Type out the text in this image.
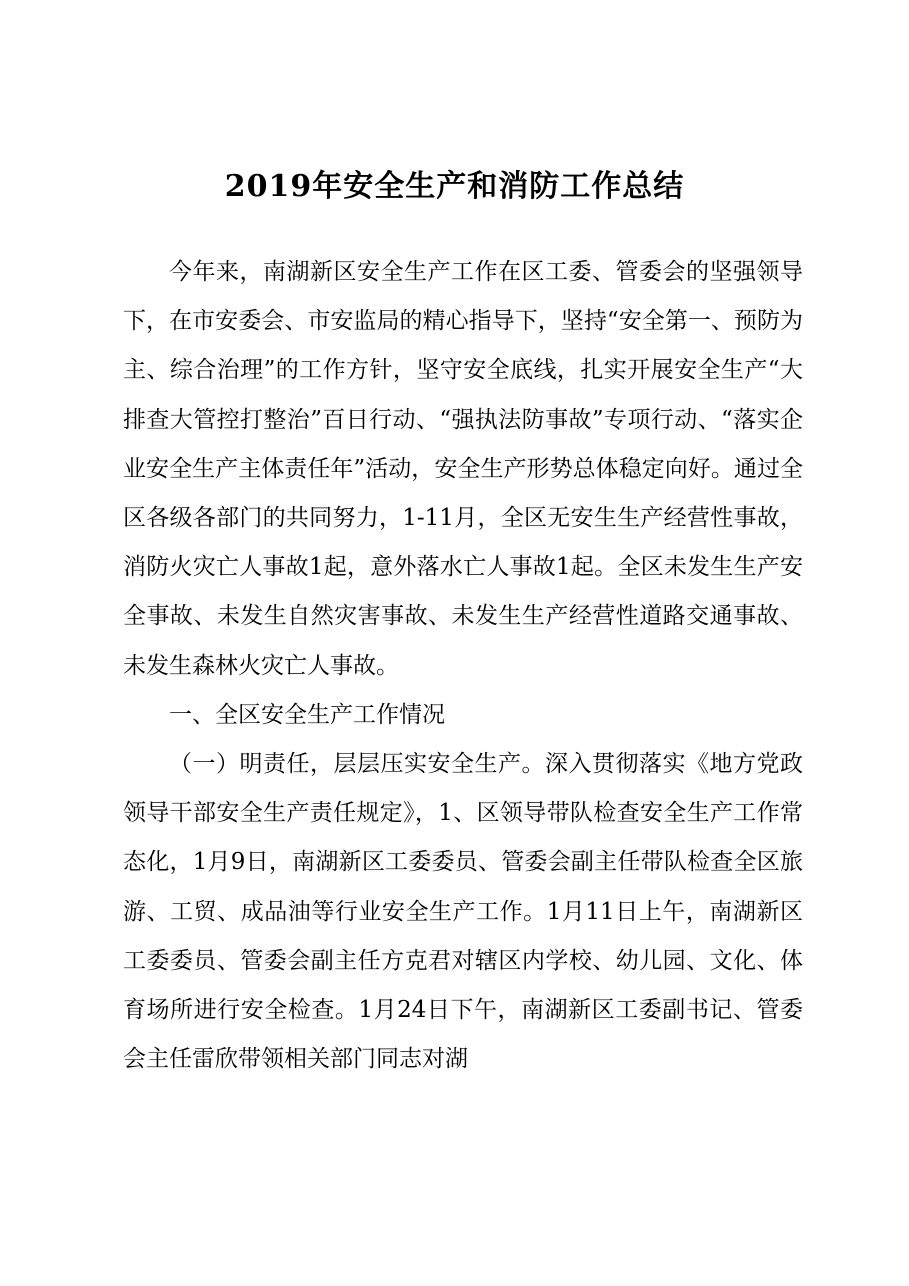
2019年安全生产和消防工作总结

今年来，南湖新区安全生产工作在区工委、管委会的坚强领导下，在市安委会、市安监局的精心指导下，坚持“安全第一、预防为主、综合治理”的工作方针，坚守安全底线，扎实开展安全生产“大排查大管控打整治”百日行动、“强执法防事故”专项行动、“落实企业安全生产主体责任年”活动，安全生产形势总体稳定向好。通过全区各级各部门的共同努力，1-11月，全区无安生生产经营性事故，消防火灾亡人事故1起，意外落水亡人事故1起。全区未发生生产安全事故、未发生自然灾害事故、未发生生产经营性道路交通事故、未发生森林火灾亡人事故。

一、全区安全生产工作情况

（一）明责任，层层压实安全生产。深入贯彻落实《地方党政领导干部安全生产责任规定》，1、区领导带队检查安全生产工作常态化，1月9日，南湖新区工委委员、管委会副主任带队检查全区旅游、工贸、成品油等行业安全生产工作。1月11日上午，南湖新区工委委员、管委会副主任方克君对辖区内学校、幼儿园、文化、体育场所进行安全检查。1月24日下午，南湖新区工委副书记、管委会主任雷欣带领相关部门同志对湖
